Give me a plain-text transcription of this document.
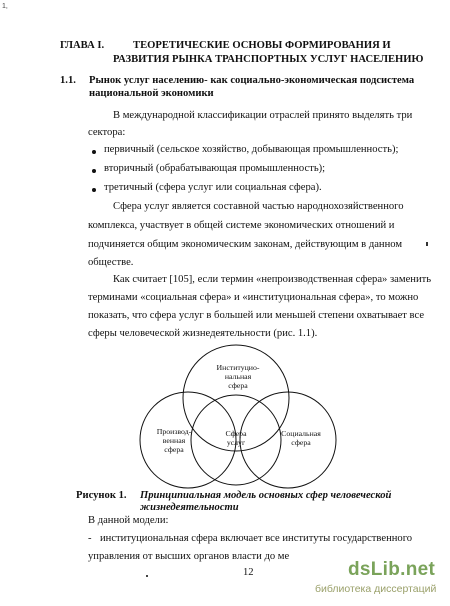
1,
ГЛАВА I.	ТЕОРЕТИЧЕСКИЕ ОСНОВЫ ФОРМИРОВАНИЯ И
РАЗВИТИЯ РЫНКА ТРАНСПОРТНЫХ УСЛУГ НАСЕЛЕНИЮ
1.1. Рынок услуг населению- как социально-экономическая подсистема
национальной экономики
В международной классификации отраслей принято выделять три
сектора:
первичный (сельское хозяйство, добывающая промышленность);
вторичный (обрабатывающая промышленность);
третичный (сфера услуг или социальная сфера).
Сфера услуг является составной частью народнохозяйственного
комплекса, участвует в общей системе экономических отношений и
подчиняется общим экономическим законам, действующим в данном
обществе.
Как считает [105], если термин «непроизводственная сфера» заменить
терминами «социальная сфера» и «институциональная сфера», то можно
показать, что сфера услуг в большей или меньшей степени охватывает все
сферы человеческой жизнедеятельности (рис. 1.1).
Институцио-
нальная
сфера
Производ-
венная
сфера
Сфера
услуг
Социальная
сфера
Рисунок 1. Принципиальная модель основных сфер человеческой
жизнедеятельности
В данной модели:
- институциональная сфера включает все институты государственного
управления от высших органов власти до ме
12	dsLib.net
библиотека диссертаций
